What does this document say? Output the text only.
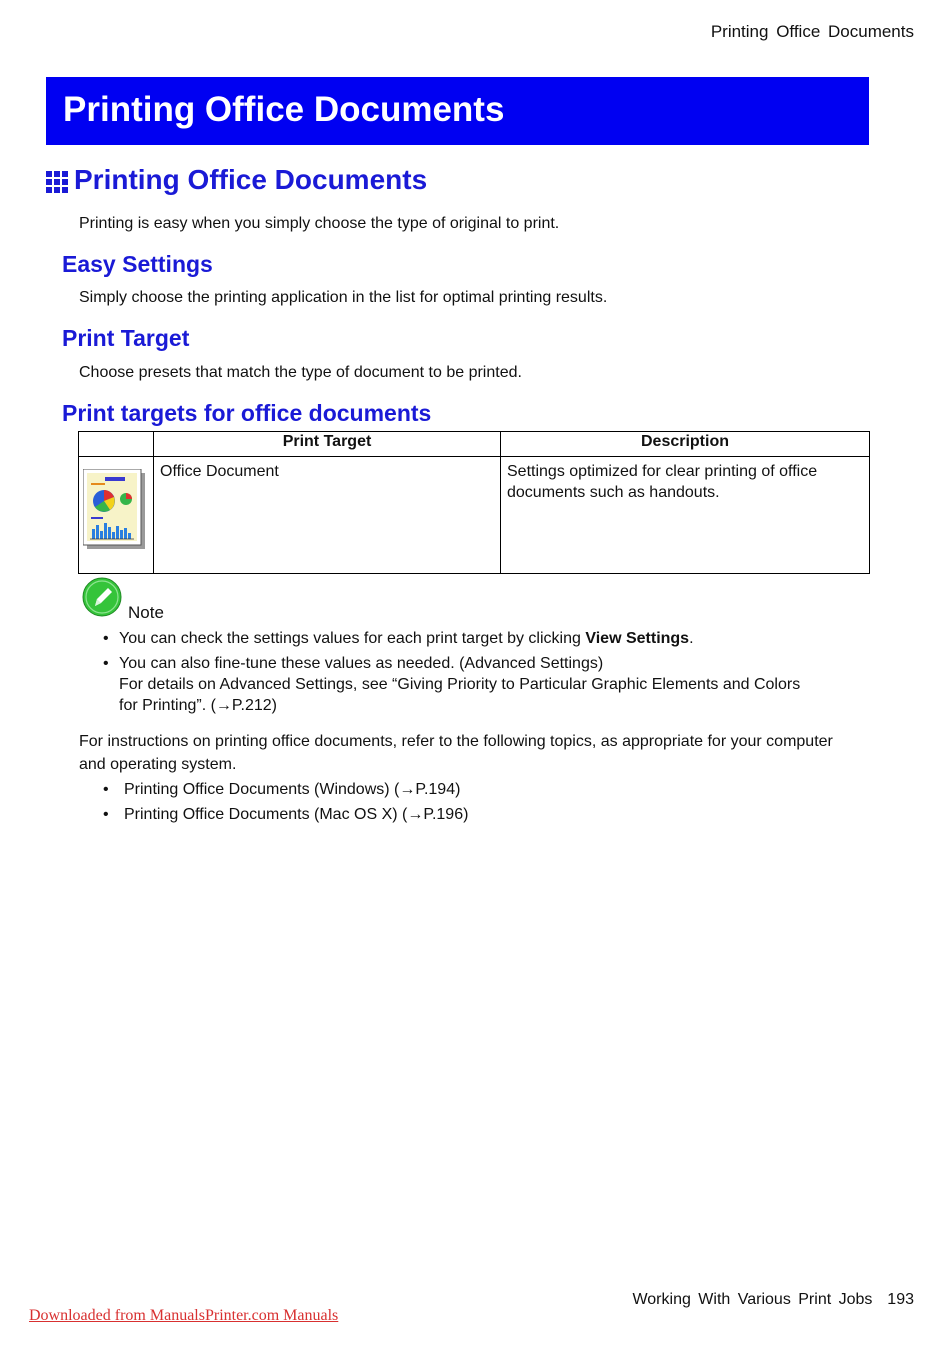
Printing Office Documents
Printing Office Documents
Printing Office Documents
Printing is easy when you simply choose the type of original to print.
Easy Settings
Simply choose the printing application in the list for optimal printing results.
Print Target
Choose presets that match the type of document to be printed.
Print targets for office documents
	Print Target	Description
	Office Document	Settings optimized for clear printing of office documents such as handouts.
Note
• You can check the settings values for each print target by clicking View Settings.
• You can also fine-tune these values as needed. (Advanced Settings)
For details on Advanced Settings, see “Giving Priority to Particular Graphic Elements and Colors
for Printing”. (→P.212)
For instructions on printing office documents, refer to the following topics, as appropriate for your computer
and operating system.
• Printing Office Documents (Windows) (→P.194)
• Printing Office Documents (Mac OS X) (→P.196)
Working With Various Print Jobs 193
Downloaded from ManualsPrinter.com Manuals
